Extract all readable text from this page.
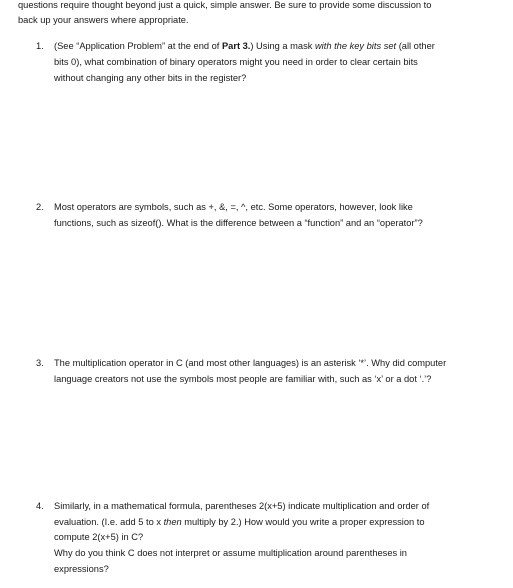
questions require thought beyond just a quick, simple answer. Be sure to provide some discussion to
back up your answers where appropriate.
1. (See “Application Problem” at the end of Part 3.) Using a mask with the key bits set (all other
bits 0), what combination of binary operators might you need in order to clear certain bits
without changing any other bits in the register?
2. Most operators are symbols, such as +, &, =, ^, etc. Some operators, however, look like
functions, such as sizeof(). What is the difference between a “function” and an “operator”?
3. The multiplication operator in C (and most other languages) is an asterisk ‘*’. Why did computer
language creators not use the symbols most people are familiar with, such as ‘x’ or a dot ‘.’?
4. Similarly, in a mathematical formula, parentheses 2(x+5) indicate multiplication and order of
evaluation. (I.e. add 5 to x then multiply by 2.) How would you write a proper expression to
compute 2(x+5) in C?
Why do you think C does not interpret or assume multiplication around parentheses in
expressions?
